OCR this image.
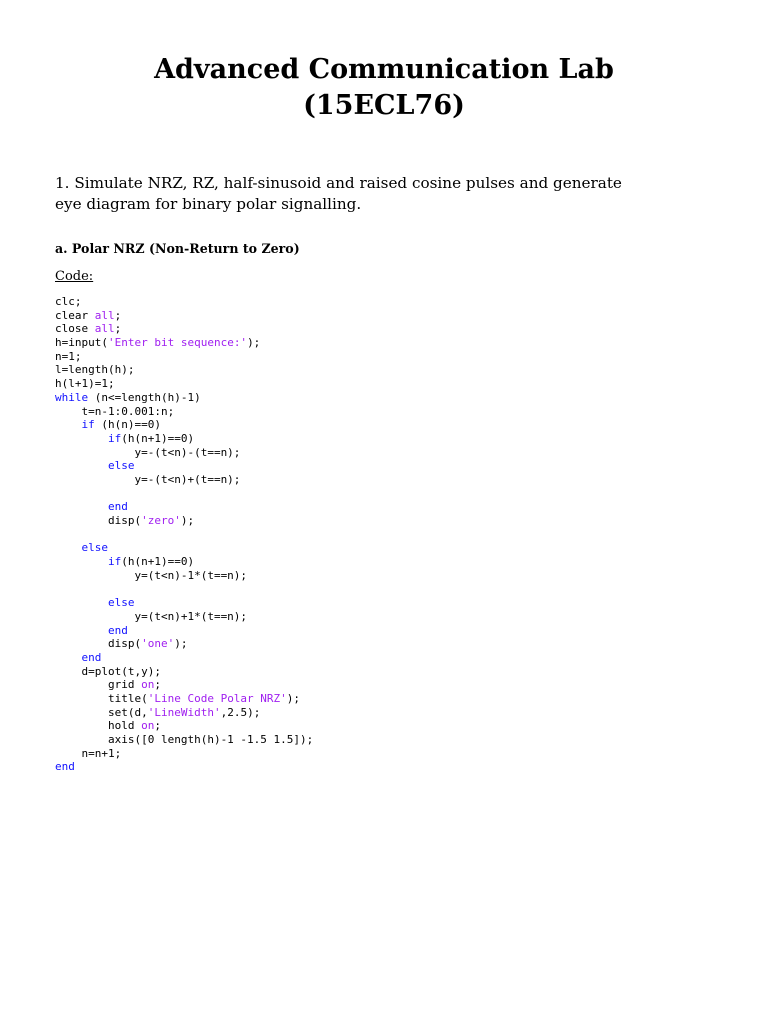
Advanced Communication Lab
(15ECL76)

1. Simulate NRZ, RZ, half-sinusoid and raised cosine pulses and generate
eye diagram for binary polar signalling.

a. Polar NRZ (Non-Return to Zero)

Code:

clc;
clear all;
close all;
h=input('Enter bit sequence:');
n=1;
l=length(h);
h(l+1)=1;
while (n<=length(h)-1)
t=n-1:0.001:n;
if (h(n)==0)
if(h(n+1)==0)
y=-(t<n)-(t==n);
else
y=-(t<n)+(t==n);

end
disp('zero');

else
if(h(n+1)==0)
y=(t<n)-1*(t==n);

else
y=(t<n)+1*(t==n);
end
disp('one');
end
d=plot(t,y);
grid on;
title('Line Code Polar NRZ');
set(d,'LineWidth',2.5);
hold on;
axis([0 length(h)-1 -1.5 1.5]);
n=n+1;
end
